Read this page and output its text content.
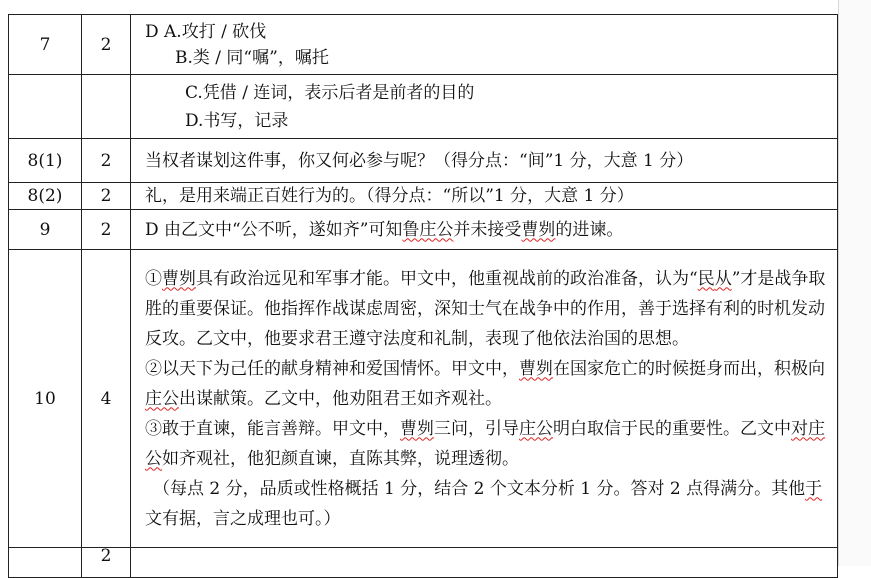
7	2	D A.攻打 / 砍伐
B.类 / 同“嘱”，嘱托

		C.凭借 / 连词，表示后者是前者的目的
D.书写，记录

8(1)	2	当权者谋划这件事，你又何必参与呢？（得分点：“间”1 分，大意 1 分）

8(2)	2	礼，是用来端正百姓行为的。（得分点：“所以”1 分，大意 1 分）

9	2	D 由乙文中“公不听，遂如齐”可知鲁庄公并未接受曹刿的进谏。

10	4	①曹刿具有政治远见和军事才能。甲文中，他重视战前的政治准备，认为“民从”才是战争取胜的重要保证。他指挥作战谋虑周密，深知士气在战争中的作用，善于选择有利的时机发动反攻。乙文中，他要求君王遵守法度和礼制，表现了他依法治国的思想。

②以天下为己任的献身精神和爱国情怀。甲文中，曹刿在国家危亡的时候挺身而出，积极向庄公出谋献策。乙文中，他劝阻君王如齐观社。

③敢于直谏，能言善辩。甲文中，曹刿三问，引导庄公明白取信于民的重要性。乙文中对庄公如齐观社，他犯颜直谏，直陈其弊，说理透彻。

（每点 2 分，品质或性格概括 1 分，结合 2 个文本分析 1 分。答对 2 点得满分。其他于文有据，言之成理也可。）

	2	
